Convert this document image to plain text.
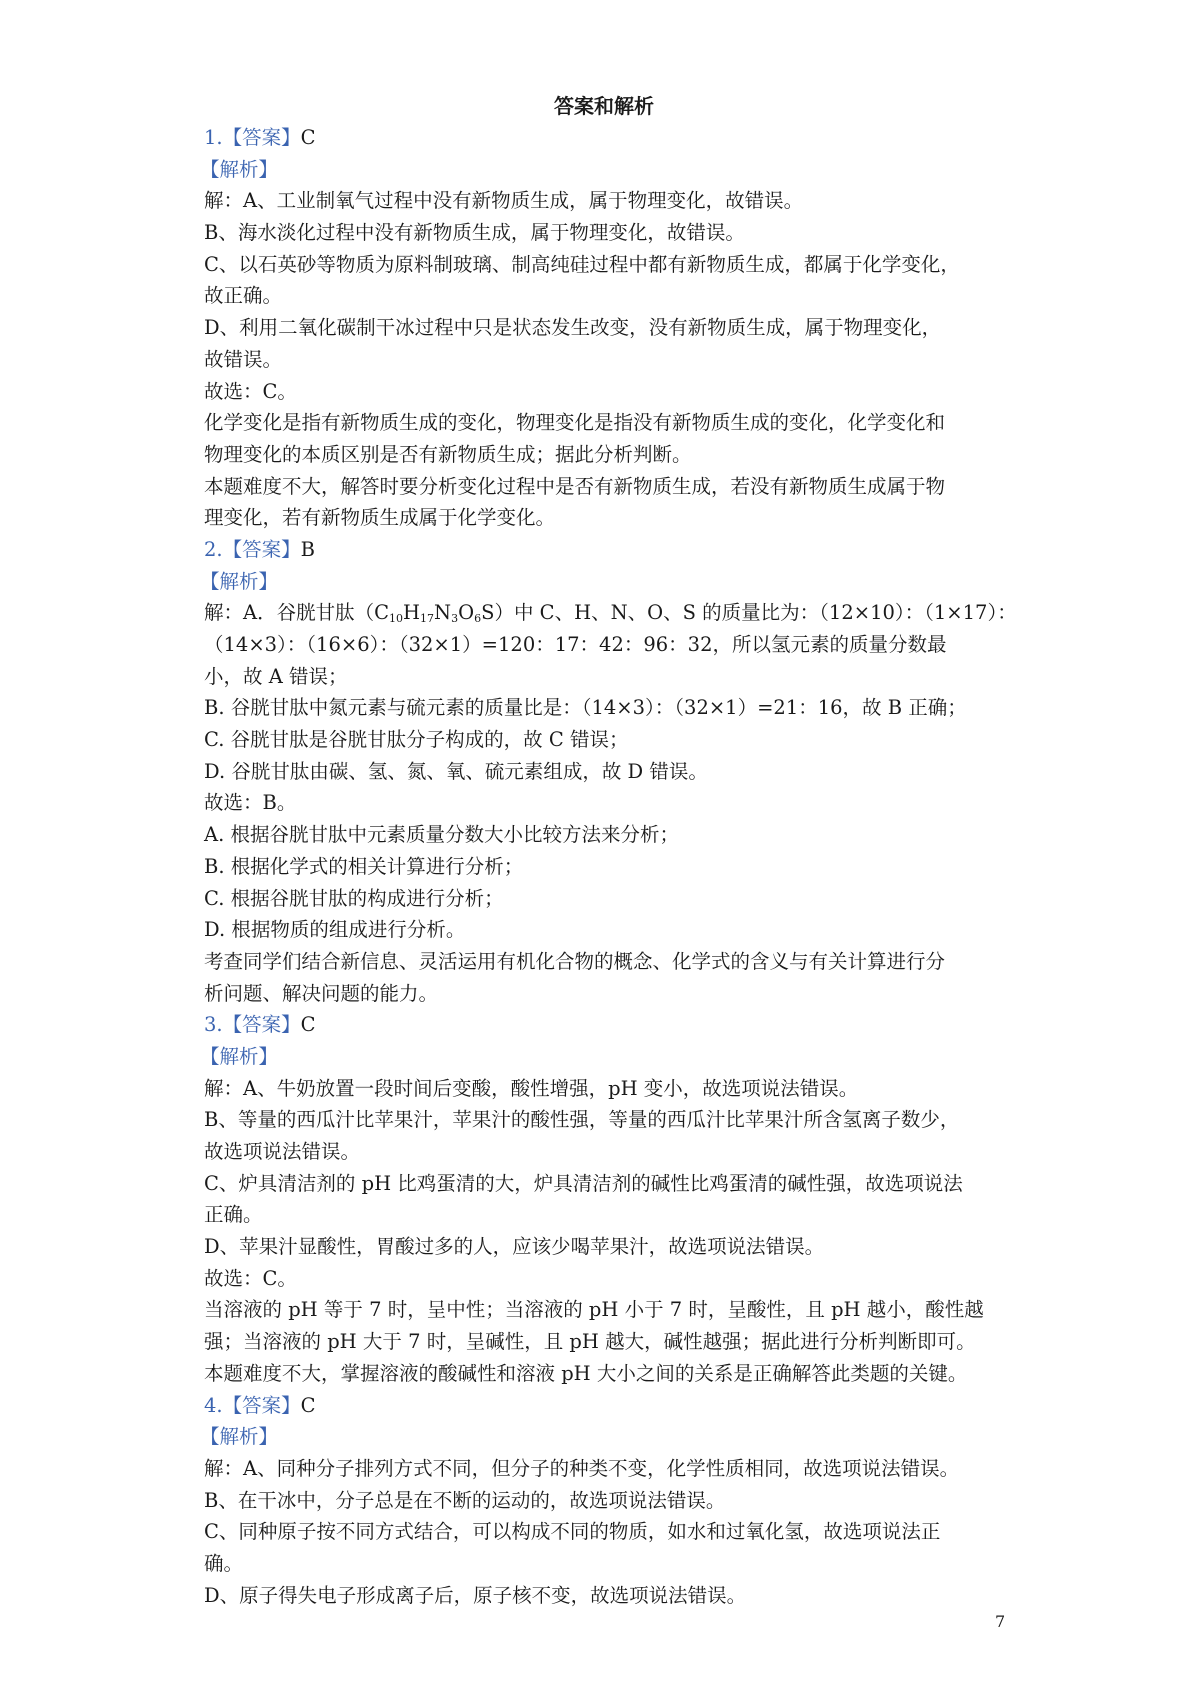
答案和解析
1.【答案】C
【解析】
解：A、工业制氧气过程中没有新物质生成，属于物理变化，故错误。
B、海水淡化过程中没有新物质生成，属于物理变化，故错误。
C、以石英砂等物质为原料制玻璃、制高纯硅过程中都有新物质生成，都属于化学变化，
故正确。
D、利用二氧化碳制干冰过程中只是状态发生改变，没有新物质生成，属于物理变化，
故错误。
故选：C。
化学变化是指有新物质生成的变化，物理变化是指没有新物质生成的变化，化学变化和
物理变化的本质区别是否有新物质生成；据此分析判断。
本题难度不大，解答时要分析变化过程中是否有新物质生成，若没有新物质生成属于物
理变化，若有新物质生成属于化学变化。
2.【答案】B
【解析】
解：A．谷胱甘肽$(C_{10}H_{17}N_3O_6S)$中 C、H、N、O、S 的质量比为：（12×10）：（1×17）：
（14×3）：（16×6）：（32×1）=120：17：42：96：32，所以氢元素的质量分数最
小，故 A 错误；
B. 谷胱甘肽中氮元素与硫元素的质量比是：（14×3）：（32×1）=21：16，故 B 正确；
C. 谷胱甘肽是谷胱甘肽分子构成的，故 C 错误；
D. 谷胱甘肽由碳、氢、氮、氧、硫元素组成，故 D 错误。
故选：B。
A. 根据谷胱甘肽中元素质量分数大小比较方法来分析；
B. 根据化学式的相关计算进行分析；
C. 根据谷胱甘肽的构成进行分析；
D. 根据物质的组成进行分析。
考查同学们结合新信息、灵活运用有机化合物的概念、化学式的含义与有关计算进行分
析问题、解决问题的能力。
3.【答案】C
【解析】
解：A、牛奶放置一段时间后变酸，酸性增强，pH 变小，故选项说法错误。
B、等量的西瓜汁比苹果汁，苹果汁的酸性强，等量的西瓜汁比苹果汁所含氢离子数少，
故选项说法错误。
C、炉具清洁剂的 pH 比鸡蛋清的大，炉具清洁剂的碱性比鸡蛋清的碱性强，故选项说法
正确。
D、苹果汁显酸性，胃酸过多的人，应该少喝苹果汁，故选项说法错误。
故选：C。
当溶液的 pH 等于 7 时，呈中性；当溶液的 pH 小于 7 时，呈酸性，且 pH 越小，酸性越
强；当溶液的 pH 大于 7 时，呈碱性，且 pH 越大，碱性越强；据此进行分析判断即可。
本题难度不大，掌握溶液的酸碱性和溶液 pH 大小之间的关系是正确解答此类题的关键。
4.【答案】C
【解析】
解：A、同种分子排列方式不同，但分子的种类不变，化学性质相同，故选项说法错误。
B、在干冰中，分子总是在不断的运动的，故选项说法错误。
C、同种原子按不同方式结合，可以构成不同的物质，如水和过氧化氢，故选项说法正
确。
D、原子得失电子形成离子后，原子核不变，故选项说法错误。
7
